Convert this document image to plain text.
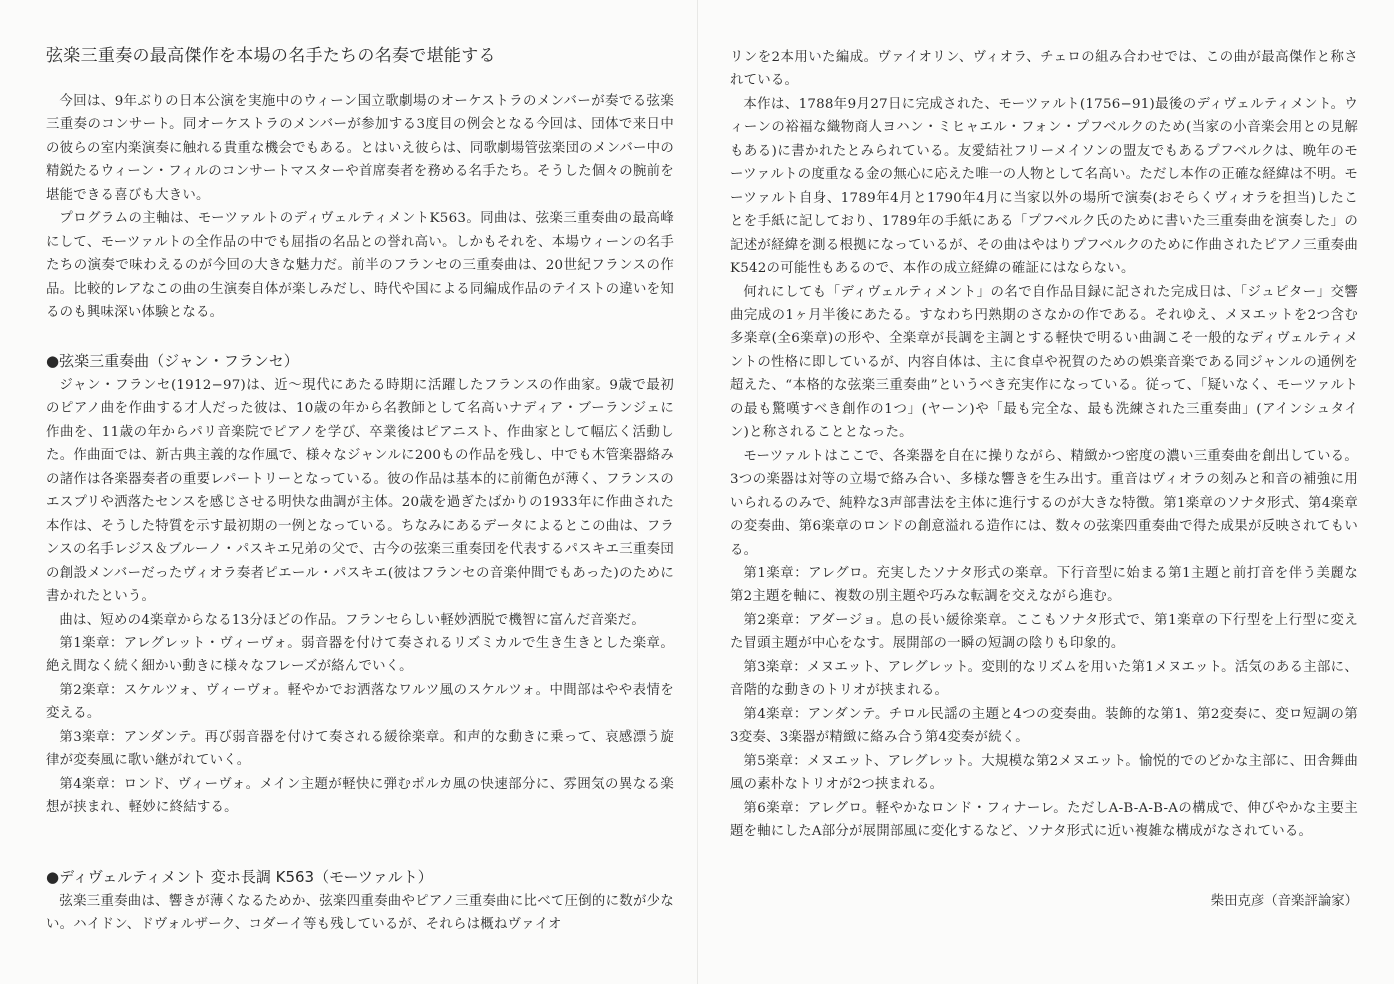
弦楽三重奏の最高傑作を本場の名手たちの名奏で堪能する

今回は、9年ぶりの日本公演を実施中のウィーン国立歌劇場のオーケストラのメンバーが奏でる弦楽三重奏のコンサート。同オーケストラのメンバーが参加する3度目の例会となる今回は、団体で来日中の彼らの室内楽演奏に触れる貴重な機会でもある。とはいえ彼らは、同歌劇場管弦楽団のメンバー中の精鋭たるウィーン・フィルのコンサートマスターや首席奏者を務める名手たち。そうした個々の腕前を堪能できる喜びも大きい。

プログラムの主軸は、モーツァルトのディヴェルティメントK563。同曲は、弦楽三重奏曲の最高峰にして、モーツァルトの全作品の中でも屈指の名品との誉れ高い。しかもそれを、本場ウィーンの名手たちの演奏で味わえるのが今回の大きな魅力だ。前半のフランセの三重奏曲は、20世紀フランスの作品。比較的レアなこの曲の生演奏自体が楽しみだし、時代や国による同編成作品のテイストの違いを知るのも興味深い体験となる。

●弦楽三重奏曲（ジャン・フランセ）

ジャン・フランセ(1912−97)は、近〜現代にあたる時期に活躍したフランスの作曲家。9歳で最初のピアノ曲を作曲する才人だった彼は、10歳の年から名教師として名高いナディア・ブーランジェに作曲を、11歳の年からパリ音楽院でピアノを学び、卒業後はピアニスト、作曲家として幅広く活動した。作曲面では、新古典主義的な作風で、様々なジャンルに200もの作品を残し、中でも木管楽器絡みの諸作は各楽器奏者の重要レパートリーとなっている。彼の作品は基本的に前衛色が薄く、フランスのエスプリや洒落たセンスを感じさせる明快な曲調が主体。20歳を過ぎたばかりの1933年に作曲された本作は、そうした特質を示す最初期の一例となっている。ちなみにあるデータによるとこの曲は、フランスの名手レジス＆ブルーノ・パスキエ兄弟の父で、古今の弦楽三重奏団を代表するパスキエ三重奏団の創設メンバーだったヴィオラ奏者ピエール・パスキエ(彼はフランセの音楽仲間でもあった)のために書かれたという。

曲は、短めの4楽章からなる13分ほどの作品。フランセらしい軽妙洒脱で機智に富んだ音楽だ。

第1楽章：アレグレット・ヴィーヴォ。弱音器を付けて奏されるリズミカルで生き生きとした楽章。絶え間なく続く細かい動きに様々なフレーズが絡んでいく。

第2楽章：スケルツォ、ヴィーヴォ。軽やかでお洒落なワルツ風のスケルツォ。中間部はやや表情を変える。

第3楽章：アンダンテ。再び弱音器を付けて奏される緩徐楽章。和声的な動きに乗って、哀感漂う旋律が変奏風に歌い継がれていく。

第4楽章：ロンド、ヴィーヴォ。メイン主題が軽快に弾むポルカ風の快速部分に、雰囲気の異なる楽想が挟まれ、軽妙に終結する。

●ディヴェルティメント 変ホ長調 K563（モーツァルト）

弦楽三重奏曲は、響きが薄くなるためか、弦楽四重奏曲やピアノ三重奏曲に比べて圧倒的に数が少ない。ハイドン、ドヴォルザーク、コダーイ等も残しているが、それらは概ねヴァイオ

リンを2本用いた編成。ヴァイオリン、ヴィオラ、チェロの組み合わせでは、この曲が最高傑作と称されている。

本作は、1788年9月27日に完成された、モーツァルト(1756−91)最後のディヴェルティメント。ウィーンの裕福な織物商人ヨハン・ミヒャエル・フォン・プフベルクのため(当家の小音楽会用との見解もある)に書かれたとみられている。友愛結社フリーメイソンの盟友でもあるプフベルクは、晩年のモーツァルトの度重なる金の無心に応えた唯一の人物として名高い。ただし本作の正確な経緯は不明。モーツァルト自身、1789年4月と1790年4月に当家以外の場所で演奏(おそらくヴィオラを担当)したことを手紙に記しており、1789年の手紙にある「プフベルク氏のために書いた三重奏曲を演奏した」の記述が経緯を測る根拠になっているが、その曲はやはりプフベルクのために作曲されたピアノ三重奏曲K542の可能性もあるので、本作の成立経緯の確証にはならない。

何れにしても「ディヴェルティメント」の名で自作品目録に記された完成日は、「ジュピター」交響曲完成の1ヶ月半後にあたる。すなわち円熟期のさなかの作である。それゆえ、メヌエットを2つ含む多楽章(全6楽章)の形や、全楽章が長調を主調とする軽快で明るい曲調こそ一般的なディヴェルティメントの性格に即しているが、内容自体は、主に食卓や祝賀のための娯楽音楽である同ジャンルの通例を超えた、“本格的な弦楽三重奏曲”というべき充実作になっている。従って、「疑いなく、モーツァルトの最も驚嘆すべき創作の1つ」(ヤーン)や「最も完全な、最も洗練された三重奏曲」(アインシュタイン)と称されることとなった。

モーツァルトはここで、各楽器を自在に操りながら、精緻かつ密度の濃い三重奏曲を創出している。3つの楽器は対等の立場で絡み合い、多様な響きを生み出す。重音はヴィオラの刻みと和音の補強に用いられるのみで、純粋な3声部書法を主体に進行するのが大きな特徴。第1楽章のソナタ形式、第4楽章の変奏曲、第6楽章のロンドの創意溢れる造作には、数々の弦楽四重奏曲で得た成果が反映されてもいる。

第1楽章：アレグロ。充実したソナタ形式の楽章。下行音型に始まる第1主題と前打音を伴う美麗な第2主題を軸に、複数の別主題や巧みな転調を交えながら進む。

第2楽章：アダージョ。息の長い緩徐楽章。ここもソナタ形式で、第1楽章の下行型を上行型に変えた冒頭主題が中心をなす。展開部の一瞬の短調の陰りも印象的。

第3楽章：メヌエット、アレグレット。変則的なリズムを用いた第1メヌエット。活気のある主部に、音階的な動きのトリオが挟まれる。

第4楽章：アンダンテ。チロル民謡の主題と4つの変奏曲。装飾的な第1、第2変奏に、変ロ短調の第3変奏、3楽器が精緻に絡み合う第4変奏が続く。

第5楽章：メヌエット、アレグレット。大規模な第2メヌエット。愉悦的でのどかな主部に、田舎舞曲風の素朴なトリオが2つ挟まれる。

第6楽章：アレグロ。軽やかなロンド・フィナーレ。ただしA-B-A-B-Aの構成で、伸びやかな主要主題を軸にしたA部分が展開部風に変化するなど、ソナタ形式に近い複雑な構成がなされている。

柴田克彦（音楽評論家）
